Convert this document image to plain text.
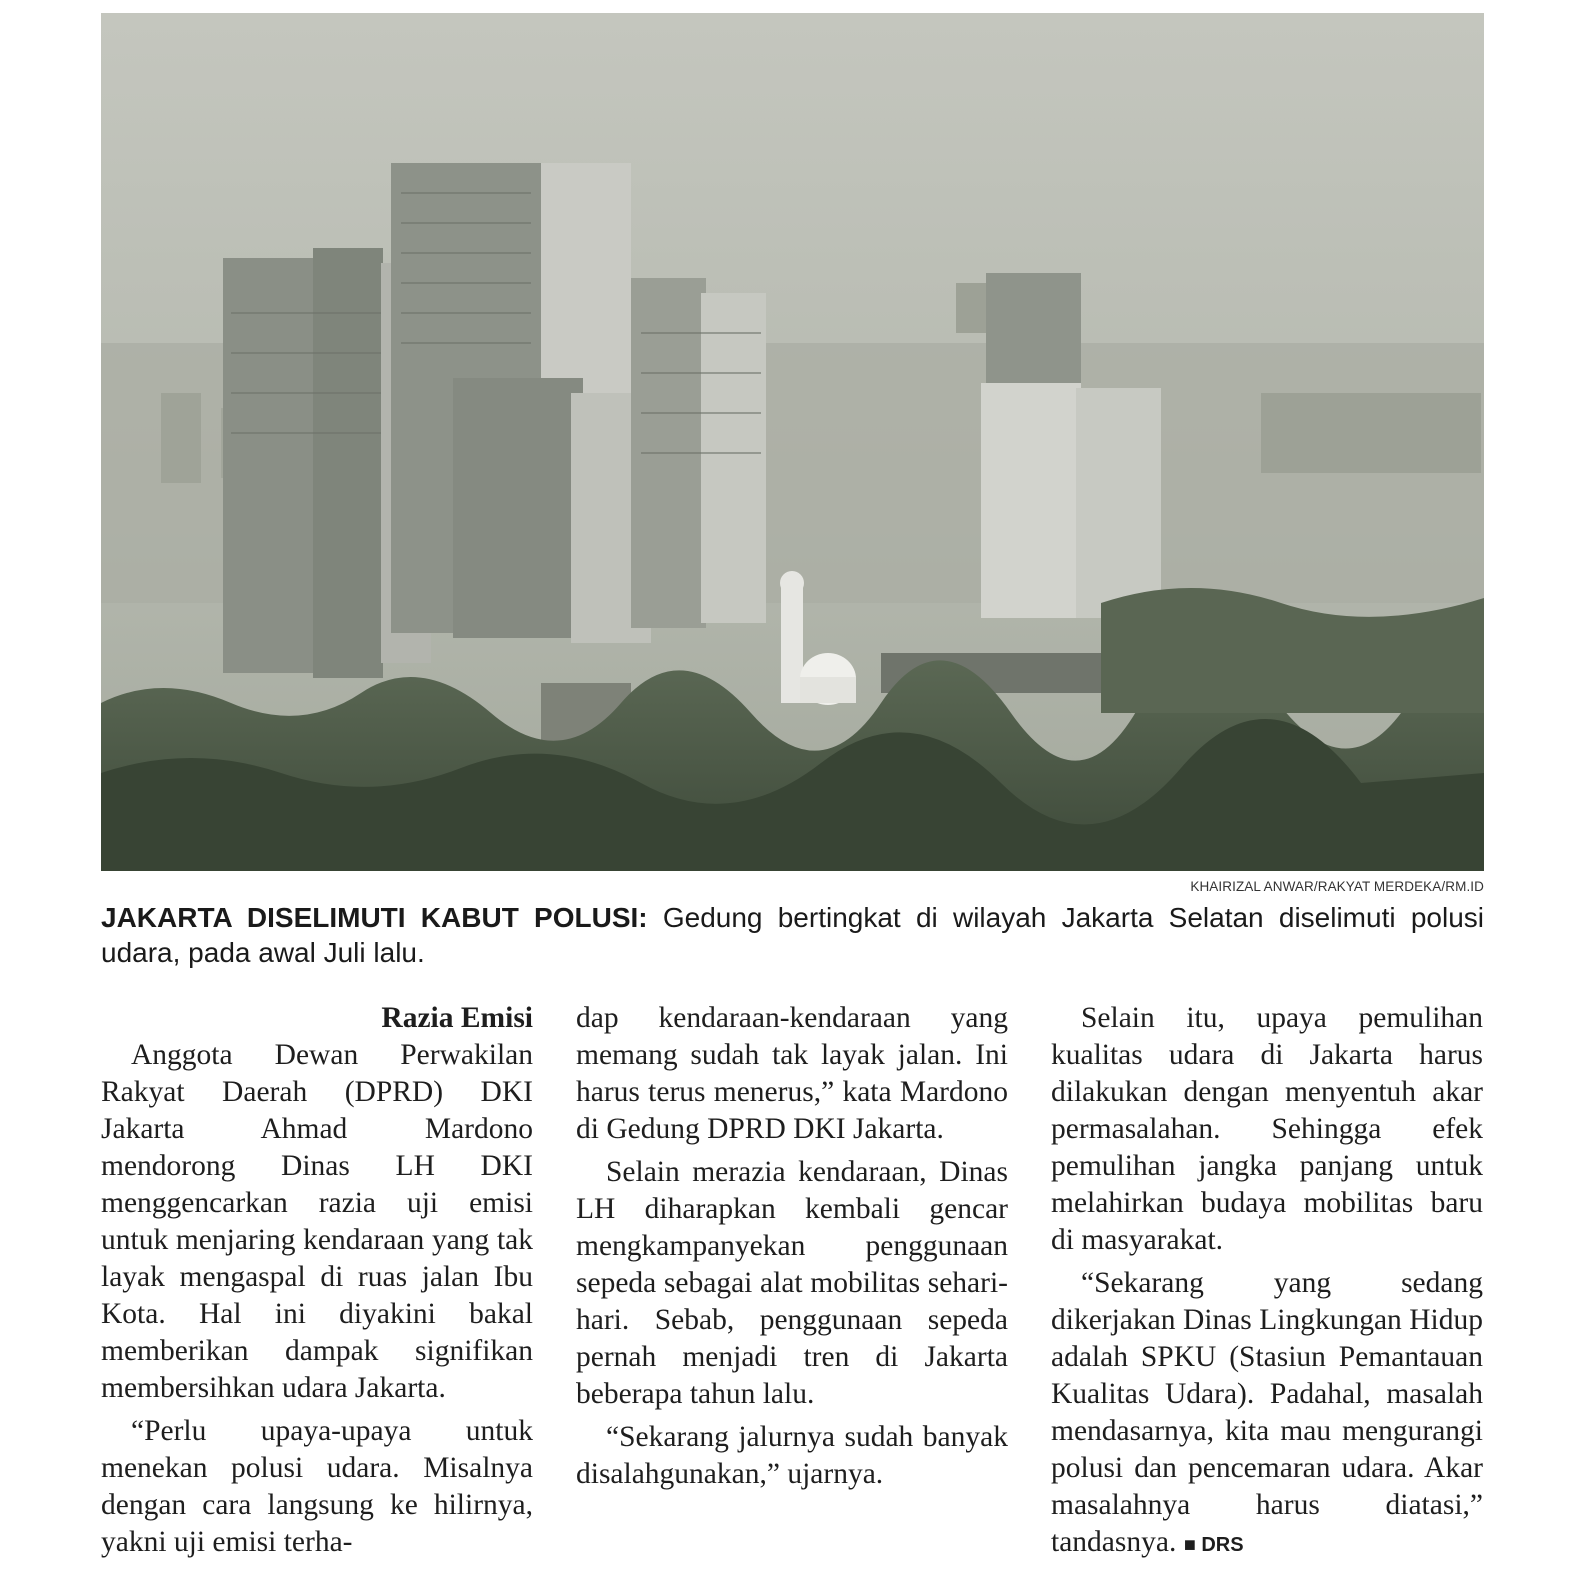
KHAIRIZAL ANWAR/RAKYAT MERDEKA/RM.ID
JAKARTA DISELIMUTI KABUT POLUSI: Gedung bertingkat di wilayah Jakarta Selatan diselimuti polusi udara, pada awal Juli lalu.
Razia Emisi

Anggota Dewan Perwakilan Rakyat Daerah (DPRD) DKI Jakarta Ahmad Mardono mendorong Dinas LH DKI menggencarkan razia uji emisi untuk menjaring kendaraan yang tak layak mengaspal di ruas jalan Ibu Kota. Hal ini diyakini bakal memberikan dampak signifikan membersihkan udara Jakarta.

“Perlu upaya-upaya untuk menekan polusi udara. Misalnya dengan cara langsung ke hilirnya, yakni uji emisi terha-

dap kendaraan-kendaraan yang memang sudah tak layak jalan. Ini harus terus menerus,” kata Mardono di Gedung DPRD DKI Jakarta.

Selain merazia kendaraan, Dinas LH diharapkan kembali gencar mengkampanyekan penggunaan sepeda sebagai alat mobilitas sehari-hari. Sebab, penggunaan sepeda pernah menjadi tren di Jakarta beberapa tahun lalu.

“Sekarang jalurnya sudah banyak disalahgunakan,” ujarnya.

Selain itu, upaya pemulihan kualitas udara di Jakarta harus dilakukan dengan menyentuh akar permasalahan. Sehingga efek pemulihan jangka panjang untuk melahirkan budaya mobilitas baru di masyarakat.

“Sekarang yang sedang dikerjakan Dinas Lingkungan Hidup adalah SPKU (Stasiun Pemantauan Kualitas Udara). Padahal, masalah mendasarnya, kita mau mengurangi polusi dan pencemaran udara. Akar masalahnya harus diatasi,” tandasnya. ■ DRS
